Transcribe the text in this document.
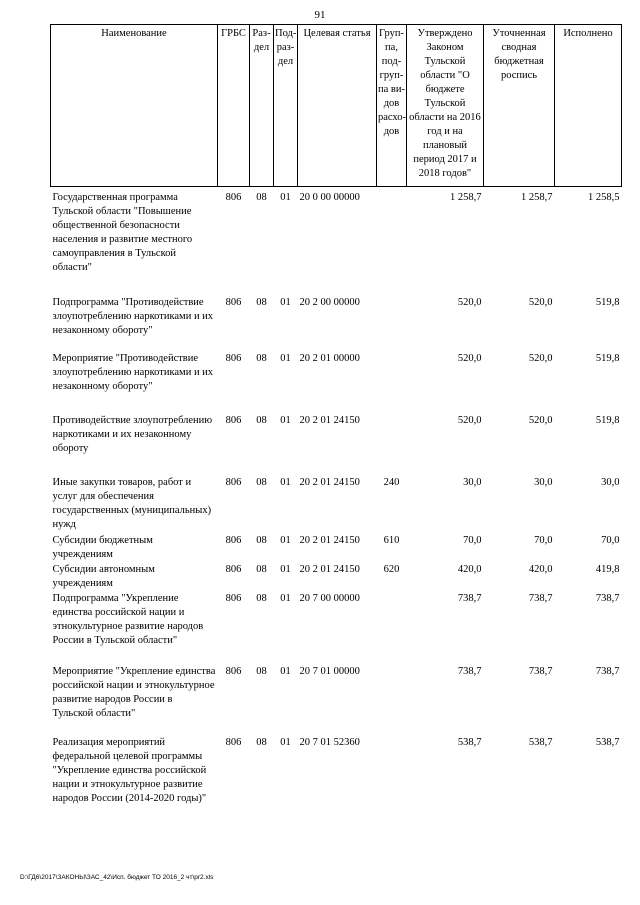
91
Наименование	ГРБС	Раз-дел	Под-раз-дел	Целевая статья	Груп-па, под-груп-па ви-дов расхо-дов	Утверждено Законом Тульской области "О бюджете Тульской области на 2016 год и на плановый период 2017 и 2018 годов"	Уточненная сводная бюджетная роспись	Исполнено
Государственная программа Тульской области "Повышение общественной безопасности населения и развитие местного самоуправления в Тульской области"	806	08	01	20 0 00 00000		1 258,7	1 258,7	1 258,5
Подпрограмма "Противодействие злоупотреблению наркотиками и их незаконному обороту"	806	08	01	20 2 00 00000		520,0	520,0	519,8
Мероприятие "Противодействие злоупотреблению наркотиками и их незаконному обороту"	806	08	01	20 2 01 00000		520,0	520,0	519,8
Противодействие злоупотреблению наркотиками и их незаконному обороту	806	08	01	20 2 01 24150		520,0	520,0	519,8
Иные закупки товаров, работ и услуг для обеспечения государственных (муниципальных) нужд	806	08	01	20 2 01 24150	240	30,0	30,0	30,0
Субсидии бюджетным учреждениям	806	08	01	20 2 01 24150	610	70,0	70,0	70,0
Субсидии автономным учреждениям	806	08	01	20 2 01 24150	620	420,0	420,0	419,8
Подпрограмма "Укрепление единства российской нации и этнокультурное развитие народов России в Тульской области"	806	08	01	20 7 00 00000		738,7	738,7	738,7
Мероприятие "Укрепление единства российской нации и этнокультурное развитие народов России в Тульской области"	806	08	01	20 7 01 00000		738,7	738,7	738,7
Реализация мероприятий федеральной целевой программы "Укрепление единства российской нации и этнокультурное развитие народов России (2014-2020 годы)"	806	08	01	20 7 01 52360		538,7	538,7	538,7
D:\ГД6\2017\ЗАКОНЫ\ЗАС_42\Исп. бюджет ТО 2016_2 чт\pr2.xls
